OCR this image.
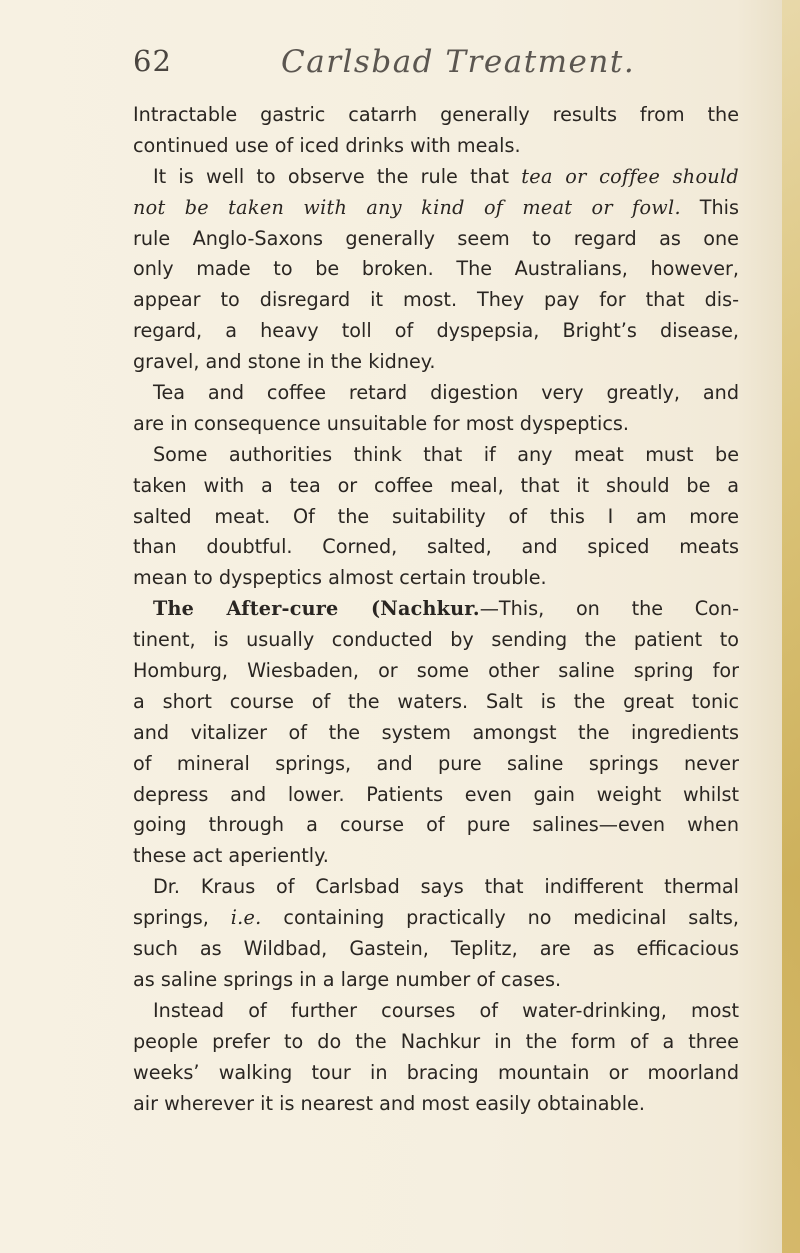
62	Carlsbad Treatment.
Intractable gastric catarrh generally results from the
continued use of iced drinks with meals.
It is well to observe the rule that tea or coffee should
not be taken with any kind of meat or fowl. This
rule Anglo-Saxons generally seem to regard as one
only made to be broken. The Australians, however,
appear to disregard it most. They pay for that dis-
regard, a heavy toll of dyspepsia, Bright’s disease,
gravel, and stone in the kidney.
Tea and coffee retard digestion very greatly, and
are in consequence unsuitable for most dyspeptics.
Some authorities think that if any meat must be
taken with a tea or coffee meal, that it should be a
salted meat. Of the suitability of this I am more
than doubtful. Corned, salted, and spiced meats
mean to dyspeptics almost certain trouble.
The After-cure (Nachkur.—This, on the Con-
tinent, is usually conducted by sending the patient to
Homburg, Wiesbaden, or some other saline spring for
a short course of the waters. Salt is the great tonic
and vitalizer of the system amongst the ingredients
of mineral springs, and pure saline springs never
depress and lower. Patients even gain weight whilst
going through a course of pure salines—even when
these act aperiently.
Dr. Kraus of Carlsbad says that indifferent thermal
springs, i.e. containing practically no medicinal salts,
such as Wildbad, Gastein, Teplitz, are as efficacious
as saline springs in a large number of cases.
Instead of further courses of water-drinking, most
people prefer to do the Nachkur in the form of a three
weeks’ walking tour in bracing mountain or moorland
air wherever it is nearest and most easily obtainable.
